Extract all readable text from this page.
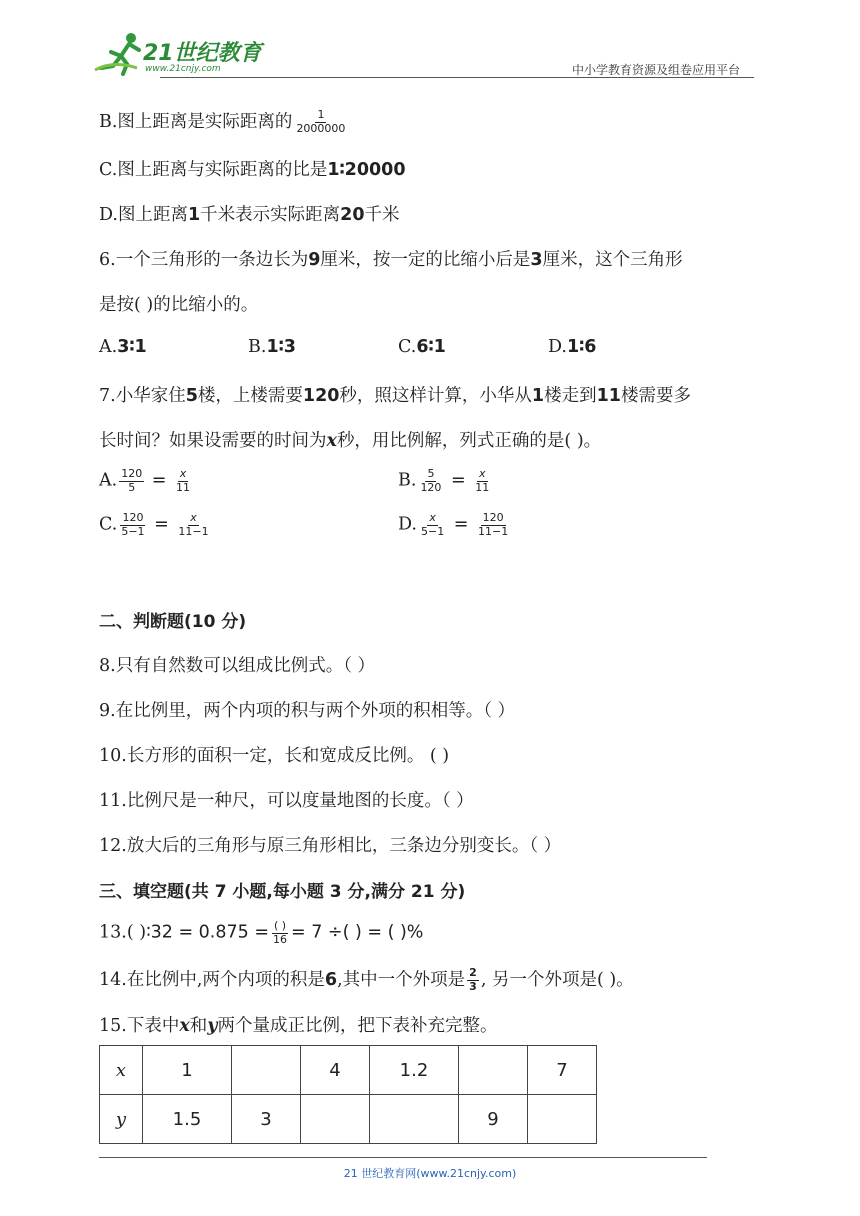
21世纪教育
www.21cnjy.com	中小学教育资源及组卷应用平台
B.图上距离是实际距离的 $\frac{1}{2000000}$
C.图上距离与实际距离的比是1∶20000
D.图上距离1千米表示实际距离20千米
6.一个三角形的一条边长为9厘米，按一定的比缩小后是3厘米，这个三角形
是按( )的比缩小的。
A.3∶1	B.1∶3	C.6∶1	D.1∶6
7.小华家住5楼，上楼需要120秒，照这样计算，小华从1楼走到11楼需要多
长时间？如果设需要的时间为x秒，用比例解，列式正确的是( )。
A. $\frac{120}{5} = \frac{x}{11}$	B. $\frac{5}{120} = \frac{x}{11}$
C. $\frac{120}{5-1} = \frac{x}{11-1}$	D. $\frac{x}{5-1} = \frac{120}{11-1}$
二、判断题(10 分)
8.只有自然数可以组成比例式。（ ）
9.在比例里，两个内项的积与两个外项的积相等。（ ）
10.长方形的面积一定，长和宽成反比例。 ( )
11.比例尺是一种尺，可以度量地图的长度。（ ）
12.放大后的三角形与原三角形相比，三条边分别变长。（ ）
三、填空题(共 7 小题,每小题 3 分,满分 21 分)
13.( )∶32 = $0.875 = \frac{( )}{16} = 7$ ÷( ) = ( )%
14.在比例中,两个内项的积是6,其中一个外项是 $\frac{2}{3}$ , 另一个外项是( )。
15.下表中x和y两个量成正比例，把下表补充完整。
x	1		4	1.2		7
y	1.5	3			9	
21 世纪教育网(www.21cnjy.com)
